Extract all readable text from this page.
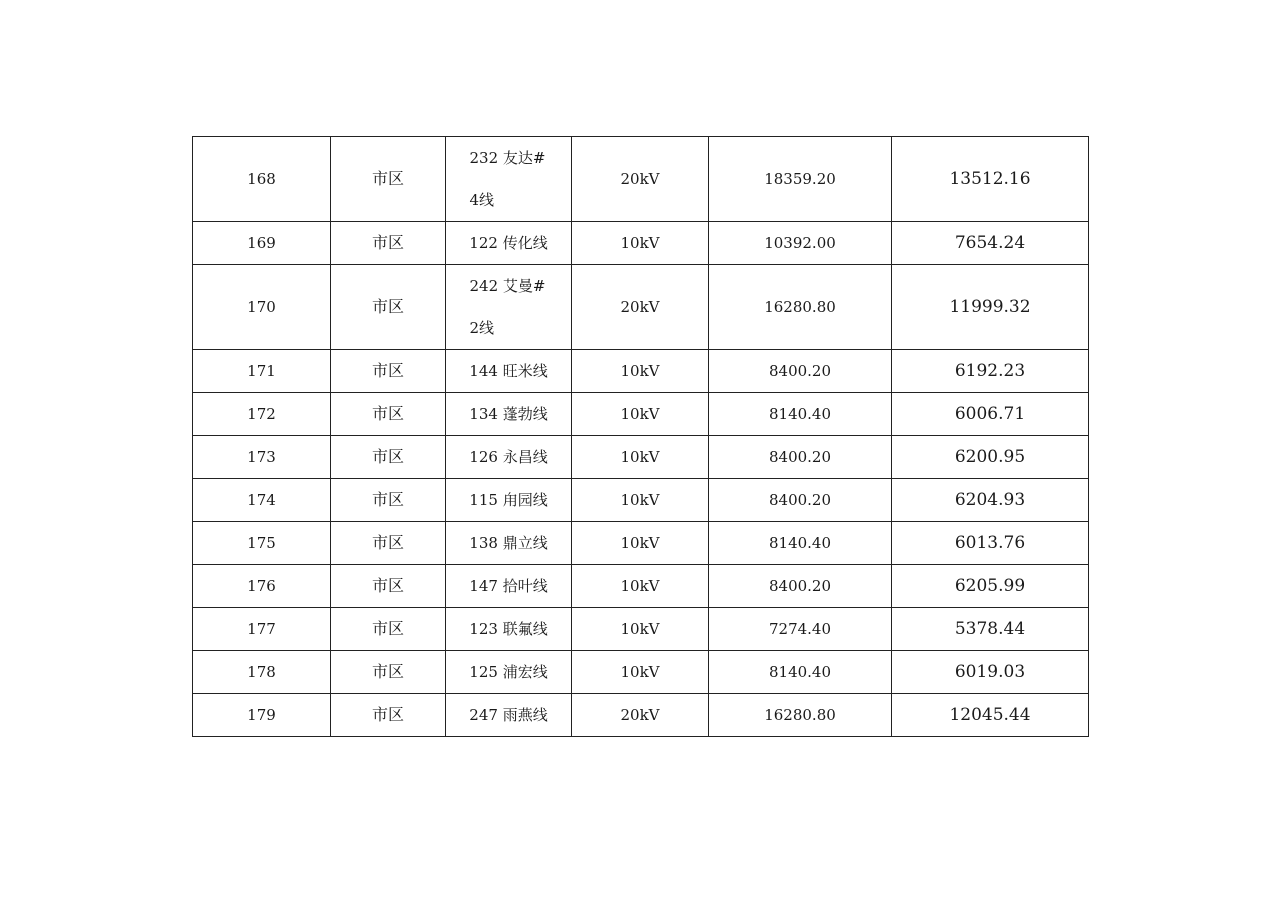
168	市区	232 友达#4线	20kV	18359.20	13512.16
169	市区	122 传化线	10kV	10392.00	7654.24
170	市区	242 艾曼#2线	20kV	16280.80	11999.32
171	市区	144 旺米线	10kV	8400.20	6192.23
172	市区	134 蓬勃线	10kV	8140.40	6006.71
173	市区	126 永昌线	10kV	8400.20	6200.95
174	市区	115 甪园线	10kV	8400.20	6204.93
175	市区	138 鼎立线	10kV	8140.40	6013.76
176	市区	147 拾叶线	10kV	8400.20	6205.99
177	市区	123 联氟线	10kV	7274.40	5378.44
178	市区	125 浦宏线	10kV	8140.40	6019.03
179	市区	247 雨燕线	20kV	16280.80	12045.44
